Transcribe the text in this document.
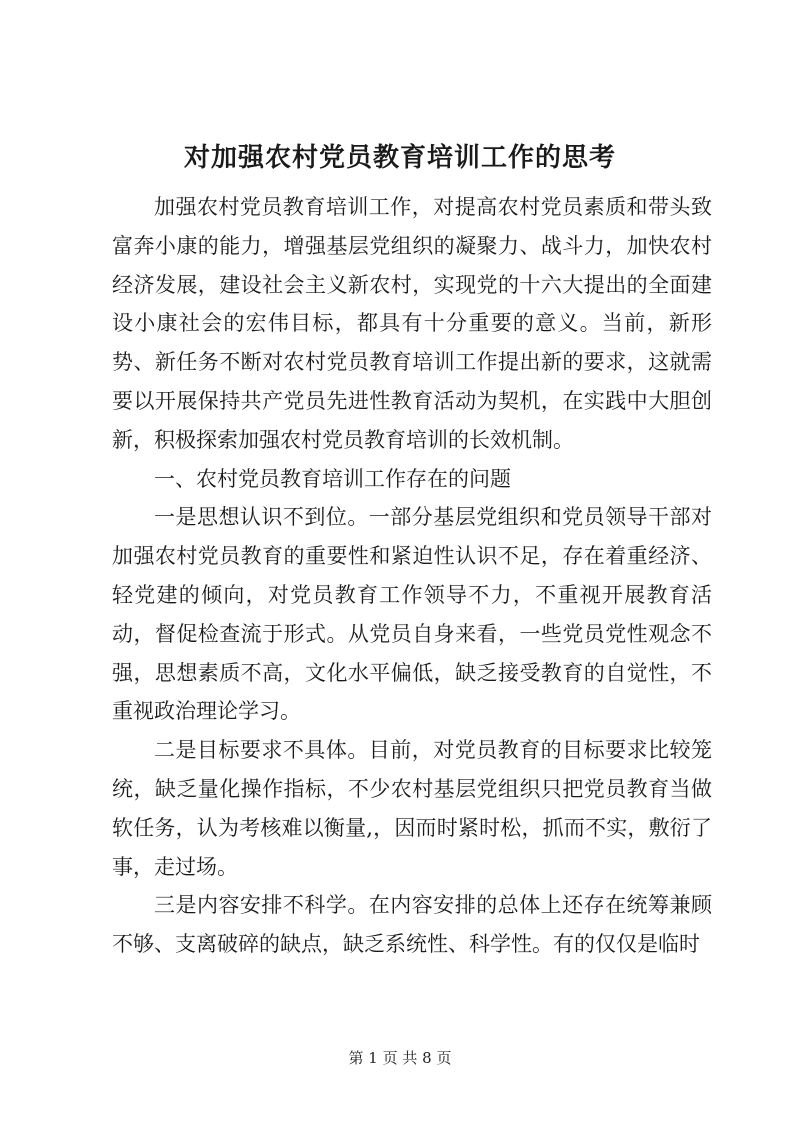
对加强农村党员教育培训工作的思考

加强农村党员教育培训工作，对提高农村党员素质和带头致富奔小康的能力，增强基层党组织的凝聚力、战斗力，加快农村经济发展，建设社会主义新农村，实现党的十六大提出的全面建设小康社会的宏伟目标，都具有十分重要的意义。当前，新形势、新任务不断对农村党员教育培训工作提出新的要求，这就需要以开展保持共产党员先进性教育活动为契机，在实践中大胆创新，积极探索加强农村党员教育培训的长效机制。

一、农村党员教育培训工作存在的问题

一是思想认识不到位。一部分基层党组织和党员领导干部对加强农村党员教育的重要性和紧迫性认识不足，存在着重经济、轻党建的倾向，对党员教育工作领导不力，不重视开展教育活动，督促检查流于形式。从党员自身来看，一些党员党性观念不强，思想素质不高，文化水平偏低，缺乏接受教育的自觉性，不重视政治理论学习。

二是目标要求不具体。目前，对党员教育的目标要求比较笼统，缺乏量化操作指标，不少农村基层党组织只把党员教育当做软任务，认为考核难以衡量,，因而时紧时松，抓而不实，敷衍了事，走过场。

三是内容安排不科学。在内容安排的总体上还存在统筹兼顾不够、支离破碎的缺点，缺乏系统性、科学性。有的仅仅是临时

第 1 页 共 8 页
